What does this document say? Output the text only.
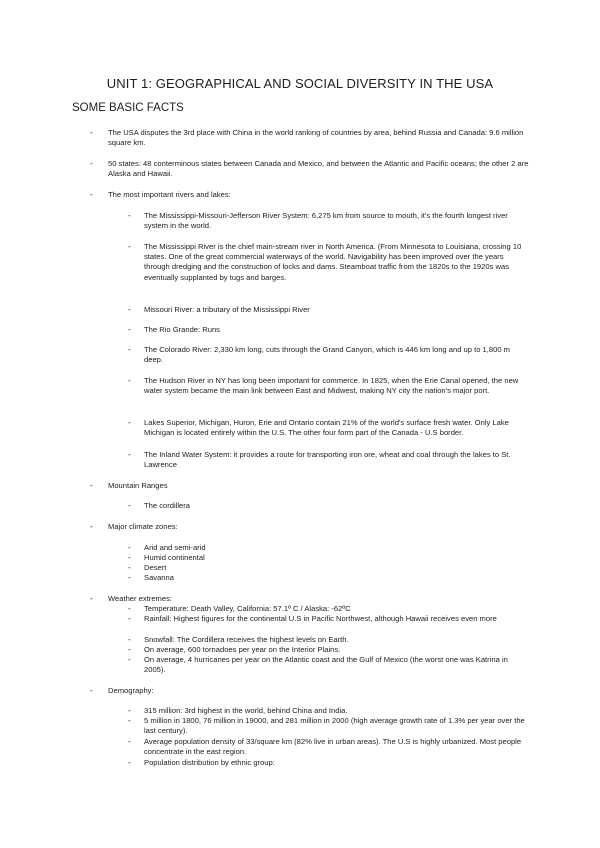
UNIT 1: GEOGRAPHICAL AND SOCIAL DIVERSITY IN THE USA
SOME BASIC FACTS
- The USA disputes the 3rd place with China in the world ranking of countries by area, behind Russia and Canada: 9.6 million square km.
- 50 states: 48 conterminous states between Canada and Mexico, and between the Atlantic and Pacific oceans; the other 2 are Alaska and Hawaii.
- The most important rivers and lakes:
- The Mississippi-Missouri-Jefferson River System: 6,275 km from source to mouth, it's the fourth longest river system in the world.
- The Mississippi River is the chief main-stream river in North America. (From Minnesota to Louisiana, crossing 10 states. One of the great commercial waterways of the world. Navigability has been improved over the years through dredging and the construction of locks and dams. Steamboat traffic from the 1820s to the 1920s was eventually supplanted by tugs and barges.
- Missouri River: a tributary of the Mississippi River
- The Rio Grande: Runs
- The Colorado River: 2,330 km long, cuts through the Grand Canyon, which is 446 km long and up to 1,800 m deep.
- The Hudson River in NY has long been important for commerce. In 1825, when the Erie Canal opened, the new water system became the main link between East and Midwest, making NY city the nation's major port.
- Lakes Superior, Michigan, Huron, Erie and Ontario contain 21% of the world's surface fresh water. Only Lake Michigan is located entirely within the U.S. The other four form part of the Canada - U.S border.
- The Inland Water System: it provides a route for transporting iron ore, wheat and coal through the lakes to St. Lawrence
- Mountain Ranges
- The cordillera
- Major climate zones:
- Arid and semi-arid
- Humid continental
- Desert
- Savanna
- Weather extremes:
- Temperature: Death Valley, California: 57.1º C / Alaska: -62ºC
- Rainfall: Highest figures for the continental U.S in Pacific Northwest, although Hawaii receives even more
- Snowfall: The Cordillera receives the highest levels on Earth.
- On average, 600 tornadoes per year on the Interior Plains.
- On average, 4 hurricanes per year on the Atlantic coast and the Gulf of Mexico (the worst one was Katrina in 2005).
- Demography:
- 315 million: 3rd highest in the world, behind China and India.
- 5 million in 1800, 76 million in 19000, and 281 million in 2000 (high average growth rate of 1.3% per year over the last century).
- Average population density of 33/square km (82% live in urban areas). The U.S is highly urbanized. Most people concentrate in the east region.
- Population distribution by ethnic group:
